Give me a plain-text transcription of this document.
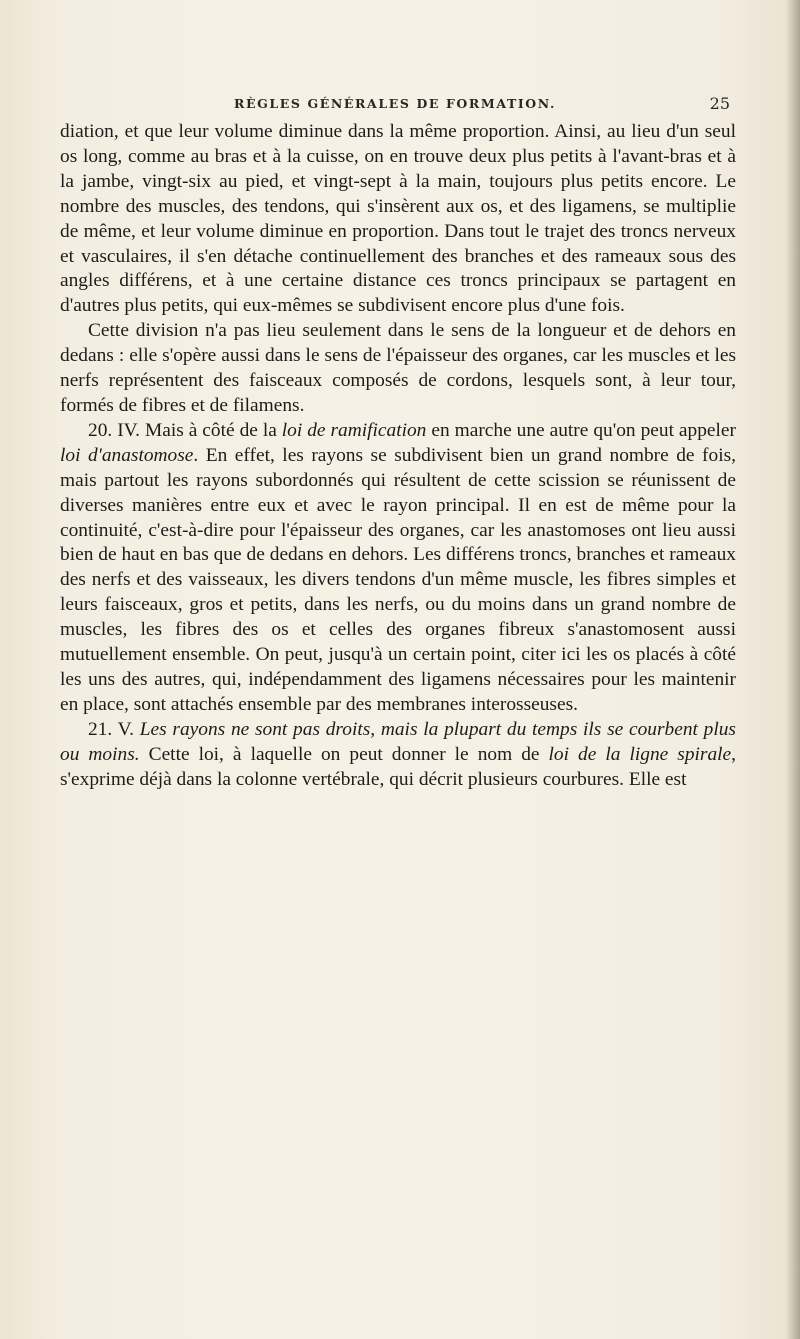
RÈGLES GÉNÉRALES DE FORMATION.	25

diation, et que leur volume diminue dans la même proportion. Ainsi, au lieu d'un seul os long, comme au bras et à la cuisse, on en trouve deux plus petits à l'avant-bras et à la jambe, vingt-six au pied, et vingt-sept à la main, toujours plus petits encore. Le nombre des muscles, des tendons, qui s'insèrent aux os, et des ligamens, se multiplie de même, et leur volume diminue en proportion. Dans tout le trajet des troncs nerveux et vasculaires, il s'en détache continuellement des branches et des rameaux sous des angles différens, et à une certaine distance ces troncs principaux se partagent en d'autres plus petits, qui eux-mêmes se subdivisent encore plus d'une fois.

Cette division n'a pas lieu seulement dans le sens de la longueur et de dehors en dedans : elle s'opère aussi dans le sens de l'épaisseur des organes, car les muscles et les nerfs représentent des faisceaux composés de cordons, lesquels sont, à leur tour, formés de fibres et de filamens.

20. IV. Mais à côté de la loi de ramification en marche une autre qu'on peut appeler loi d'anastomose. En effet, les rayons se subdivisent bien un grand nombre de fois, mais partout les rayons subordonnés qui résultent de cette scission se réunissent de diverses manières entre eux et avec le rayon principal. Il en est de même pour la continuité, c'est-à-dire pour l'épaisseur des organes, car les anastomoses ont lieu aussi bien de haut en bas que de dedans en dehors. Les différens troncs, branches et rameaux des nerfs et des vaisseaux, les divers tendons d'un même muscle, les fibres simples et leurs faisceaux, gros et petits, dans les nerfs, ou du moins dans un grand nombre de muscles, les fibres des os et celles des organes fibreux s'anastomosent aussi mutuellement ensemble. On peut, jusqu'à un certain point, citer ici les os placés à côté les uns des autres, qui, indépendamment des ligamens nécessaires pour les maintenir en place, sont attachés ensemble par des membranes interosseuses.

21. V. Les rayons ne sont pas droits, mais la plupart du temps ils se courbent plus ou moins. Cette loi, à laquelle on peut donner le nom de loi de la ligne spirale, s'exprime déjà dans la colonne vertébrale, qui décrit plusieurs courbures. Elle est
